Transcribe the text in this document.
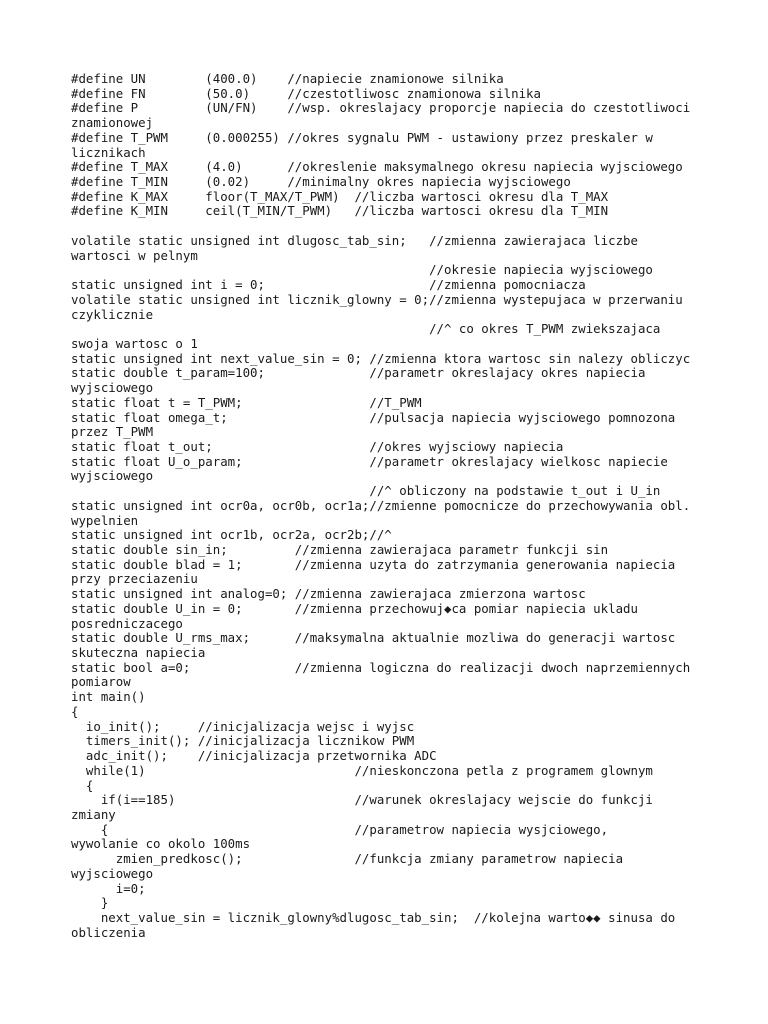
#define UN        (400.0)    //napiecie znamionowe silnika
#define FN        (50.0)     //czestotliwosc znamionowa silnika
#define P         (UN/FN)    //wsp. okreslajacy proporcje napiecia do czestotliwoci
znamionowej
#define T_PWM     (0.000255) //okres sygnalu PWM - ustawiony przez preskaler w
licznikach
#define T_MAX     (4.0)      //okreslenie maksymalnego okresu napiecia wyjsciowego
#define T_MIN     (0.02)     //minimalny okres napiecia wyjsciowego
#define K_MAX     floor(T_MAX/T_PWM)  //liczba wartosci okresu dla T_MAX
#define K_MIN     ceil(T_MIN/T_PWM)   //liczba wartosci okresu dla T_MIN
volatile static unsigned int dlugosc_tab_sin;   //zmienna zawierajaca liczbe
wartosci w pelnym
//okresie napiecia wyjsciowego
static unsigned int i = 0;                      //zmienna pomocniacza
volatile static unsigned int licznik_glowny = 0;//zmienna wystepujaca w przerwaniu
czyklicznie
//^ co okres T_PWM zwiekszajaca
swoja wartosc o 1
static unsigned int next_value_sin = 0; //zmienna ktora wartosc sin nalezy obliczyc
static double t_param=100;              //parametr okreslajacy okres napiecia
wyjsciowego
static float t = T_PWM;                 //T_PWM
static float omega_t;                   //pulsacja napiecia wyjsciowego pomnozona
przez T_PWM
static float t_out;                     //okres wyjsciowy napiecia
static float U_o_param;                 //parametr okreslajacy wielkosc napiecie
wyjsciowego
//^ obliczony na podstawie t_out i U_in
static unsigned int ocr0a, ocr0b, ocr1a;//zmienne pomocnicze do przechowywania obl.
wypelnien
static unsigned int ocr1b, ocr2a, ocr2b;//^
static double sin_in;         //zmienna zawierajaca parametr funkcji sin
static double blad = 1;       //zmienna uzyta do zatrzymania generowania napiecia
przy przeciazeniu
static unsigned int analog=0; //zmienna zawierajaca zmierzona wartosc
static double U_in = 0;       //zmienna przechowuj◆ca pomiar napiecia ukladu
posredniczacego
static double U_rms_max;      //maksymalna aktualnie mozliwa do generacji wartosc
skuteczna napiecia
static bool a=0;              //zmienna logiczna do realizacji dwoch naprzemiennych
pomiarow
int main()
{
io_init();     //inicjalizacja wejsc i wyjsc
timers_init(); //inicjalizacja licznikow PWM
adc_init();    //inicjalizacja przetwornika ADC
while(1)                            //nieskonczona petla z programem glownym
{
if(i==185)                        //warunek okreslajacy wejscie do funkcji
zmiany
{                                 //parametrow napiecia wysjciowego,
wywolanie co okolo 100ms
zmien_predkosc();               //funkcja zmiany parametrow napiecia
wyjsciowego
i=0;
}
next_value_sin = licznik_glowny%dlugosc_tab_sin;  //kolejna warto◆◆ sinusa do
obliczenia
